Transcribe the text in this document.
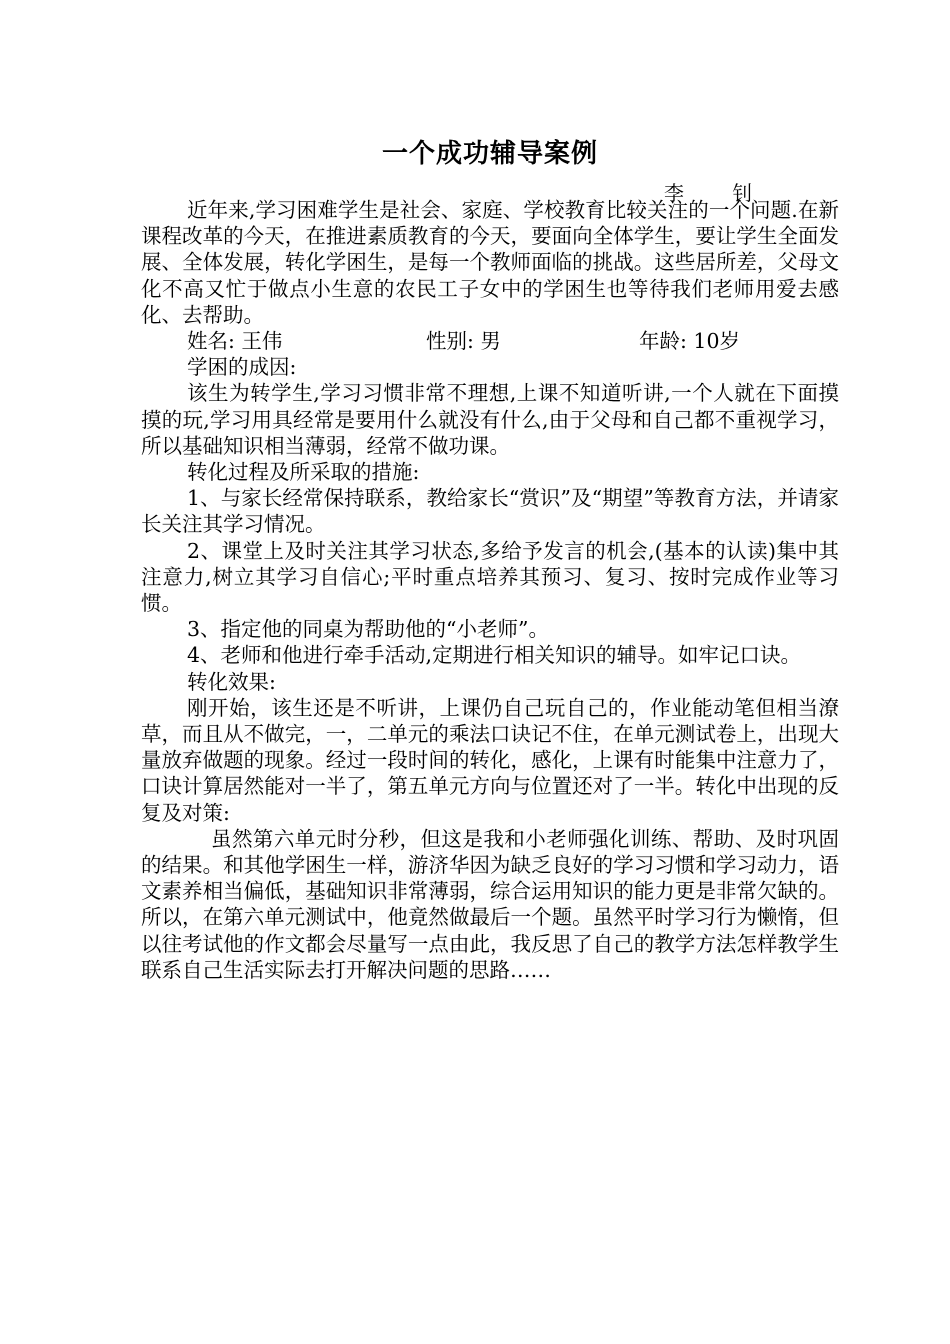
一个成功辅导案例
李 钊

近年来,学习困难学生是社会、家庭、学校教育比较关注的一个问题.在新课程改革的今天，在推进素质教育的今天，要面向全体学生，要让学生全面发展、全体发展，转化学困生，是每一个教师面临的挑战。这些居所差，父母文化不高又忙于做点小生意的农民工子女中的学困生也等待我们老师用爱去感化、去帮助。

姓名: 王伟	性别: 男	年龄: 10岁

学困的成因:

该生为转学生,学习习惯非常不理想,上课不知道听讲,一个人就在下面摸摸的玩,学习用具经常是要用什么就没有什么,由于父母和自己都不重视学习，所以基础知识相当薄弱，经常不做功课。

转化过程及所采取的措施:

1、与家长经常保持联系，教给家长“赏识”及“期望”等教育方法，并请家长关注其学习情况。

2、课堂上及时关注其学习状态,多给予发言的机会,(基本的认读)集中其注意力,树立其学习自信心;平时重点培养其预习、复习、按时完成作业等习惯。

3、指定他的同桌为帮助他的“小老师”。

4、老师和他进行牵手活动,定期进行相关知识的辅导。如牢记口诀。

转化效果:

刚开始，该生还是不听讲，上课仍自己玩自己的，作业能动笔但相当潦草，而且从不做完，一，二单元的乘法口诀记不住，在单元测试卷上，出现大量放弃做题的现象。经过一段时间的转化，感化，上课有时能集中注意力了，口诀计算居然能对一半了，第五单元方向与位置还对了一半。转化中出现的反复及对策:

虽然第六单元时分秒，但这是我和小老师强化训练、帮助、及时巩固的结果。和其他学困生一样，游济华因为缺乏良好的学习习惯和学习动力，语文素养相当偏低，基础知识非常薄弱，综合运用知识的能力更是非常欠缺的。所以，在第六单元测试中，他竟然做最后一个题。虽然平时学习行为懒惰，但以往考试他的作文都会尽量写一点由此，我反思了自己的教学方法怎样教学生联系自己生活实际去打开解决问题的思路……
